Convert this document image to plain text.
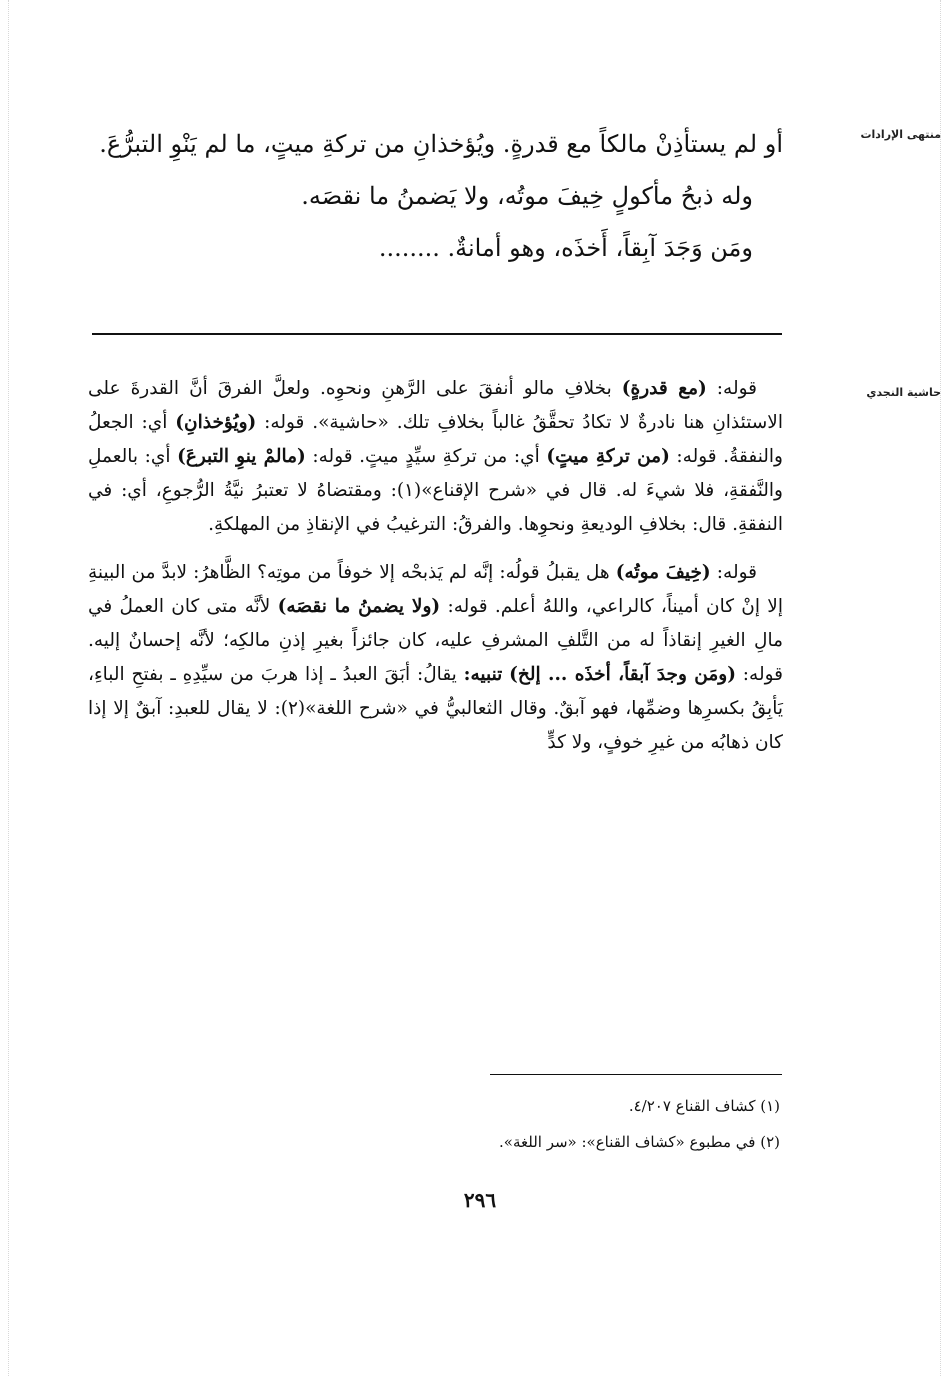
منتهى الإرادات
حاشية النجدي

أو لم يستأذِنْ مالكاً مع قدرةٍ. ويُؤخذانِ من تركةِ ميتٍ، ما لم يَنْوِ التبرُّعَ.

وله ذبحُ مأكولٍ خِيفَ موتُه، ولا يَضمنُ ما نقصَه.

ومَن وَجَدَ آبِقاً، أَخذَه، وهو أمانةٌ. ........

قوله: (مع قدرةٍ) بخلافِ مالو أنفقَ على الرَّهنِ ونحوِه. ولعلَّ الفرقَ أنَّ القدرةَ على الاستئذانِ هنا نادرةٌ لا تكادُ تحقَّقُ غالباً بخلافِ تلك. «حاشية». قوله: (ويُؤخذانِ) أي: الجعلُ والنفقةُ. قوله: (من تركةِ ميتٍ) أي: من تركةِ سيِّدٍ ميتٍ. قوله: (مالمْ ينوِ التبرعَ) أي: بالعملِ والنَّفقةِ، فلا شيءَ له. قال في «شرح الإقناع»(١): ومقتضاهُ لا تعتبرُ نيَّةُ الرُّجوعِ، أي: في النفقةِ. قال: بخلافِ الوديعةِ ونحوِها. والفرقُ: الترغيبُ في الإنقاذِ من المهلكةِ.

قوله: (خِيفَ موتُه) هل يقبلُ قولُه: إنَّه لم يَذبحْه إلا خوفاً من موتِه؟ الظَّاهرُ: لابدَّ من البينةِ إلا إنْ كان أميناً، كالراعي، واللهُ أعلم. قوله: (ولا يضمنُ ما نقصَه) لأنَّه متى كان العملُ في مالِ الغيرِ إنقاذاً له من التَّلفِ المشرفِ عليه، كان جائزاً بغيرِ إذنِ مالكِه؛ لأنَّه إحسانٌ إليه. قوله: (ومَن وجدَ آبقاً، أخذَه ... إلخ) تنبيه: يقالُ: أبَقَ العبدُ ـ إذا هربَ من سيِّدِهِ ـ بفتحِ الباءِ، يَأبِقُ بكسرِها وضمِّها، فهو آبقٌ. وقال الثعالبيُّ في «شرح اللغة»(٢): لا يقال للعبدِ: آبقٌ إلا إذا كان ذهابُه من غيرِ خوفٍ، ولا كدٍّ

(١) كشاف القناع ٤/٢٠٧.

(٢) في مطبوع «كشاف القناع»: «سر اللغة».

٢٩٦
